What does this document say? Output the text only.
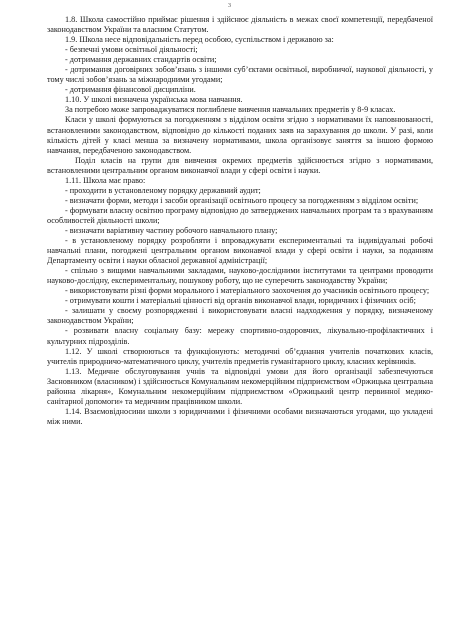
3

1.8. Школа самостійно приймає рішення і здійснює діяльність в межах своєї компетенції, передбаченої законодавством України та власним Статутом.

1.9. Школа несе відповідальність перед особою, суспільством і державою за:

- безпечні умови освітньої діяльності;

- дотримання державних стандартів освіти;

- дотримання договірних зобов’язань з іншими суб’єктами освітньої, виробничої, наукової діяльності, у тому числі зобов’язань за міжнародними угодами;

- дотримання фінансової дисципліни.

1.10. У школі визначена українська мова навчання.

За потребою може запроваджуватися поглиблене вивчення навчальних предметів у 8-9 класах.

Класи у школі формуються за погодженням з відділом освіти згідно з нормативами їх наповнюваності, встановленими законодавством, відповідно до кількості поданих заяв на зарахування до школи. У разі, коли кількість дітей у класі менша за визначену нормативами, школа організовує заняття за іншою формою навчання, передбаченою законодавством.

Поділ класів на групи для вивчення окремих предметів здійснюється згідно з нормативами, встановленими центральним органом виконавчої влади у сфері освіти і науки.

1.11. Школа має право:

- проходити в установленому порядку державний аудит;

- визначати форми, методи і засоби організації освітнього процесу за погодженням з відділом освіти;

- формувати власну освітню програму відповідно до затверджених навчальних програм та з врахуванням особливостей діяльності школи;

- визначати варіативну частину робочого навчального плану;

- в установленому порядку розробляти і впроваджувати експериментальні та індивідуальні робочі навчальні плани, погоджені центральним органом виконавчої влади у сфері освіти і науки, за поданням Департаменту освіти і науки обласної державної адміністрації;

- спільно з вищими навчальними закладами, науково-дослідними інститутами та центрами проводити науково-дослідну, експериментальну, пошукову роботу, що не суперечить законодавству України;

- використовувати різні форми морального і матеріального заохочення до учасників освітнього процесу;

- отримувати кошти і матеріальні цінності від органів виконавчої влади, юридичних і фізичних осіб;

- залишати у своєму розпорядженні і використовувати власні надходження у порядку, визначеному законодавством України;

- розвивати власну соціальну базу: мережу спортивно-оздоровчих, лікувально-профілактичних і культурних підрозділів.

1.12. У школі створюються та функціонують: методичні об’єднання учителів початкових класів, учителів природничо-математичного циклу, учителів предметів гуманітарного циклу, класних керівників.

1.13. Медичне обслуговування учнів та відповідні умови для його організації забезпечуються Засновником (власником) і здійснюється Комунальним некомерційним підприємством «Оржицька центральна районна лікарня», Комунальним некомерційним підприємством «Оржицький центр первинної медико-санітарної допомоги» та медичним працівником школи.

1.14. Взаємовідносини школи з юридичними і фізичними особами визначаються угодами, що укладені між ними.
